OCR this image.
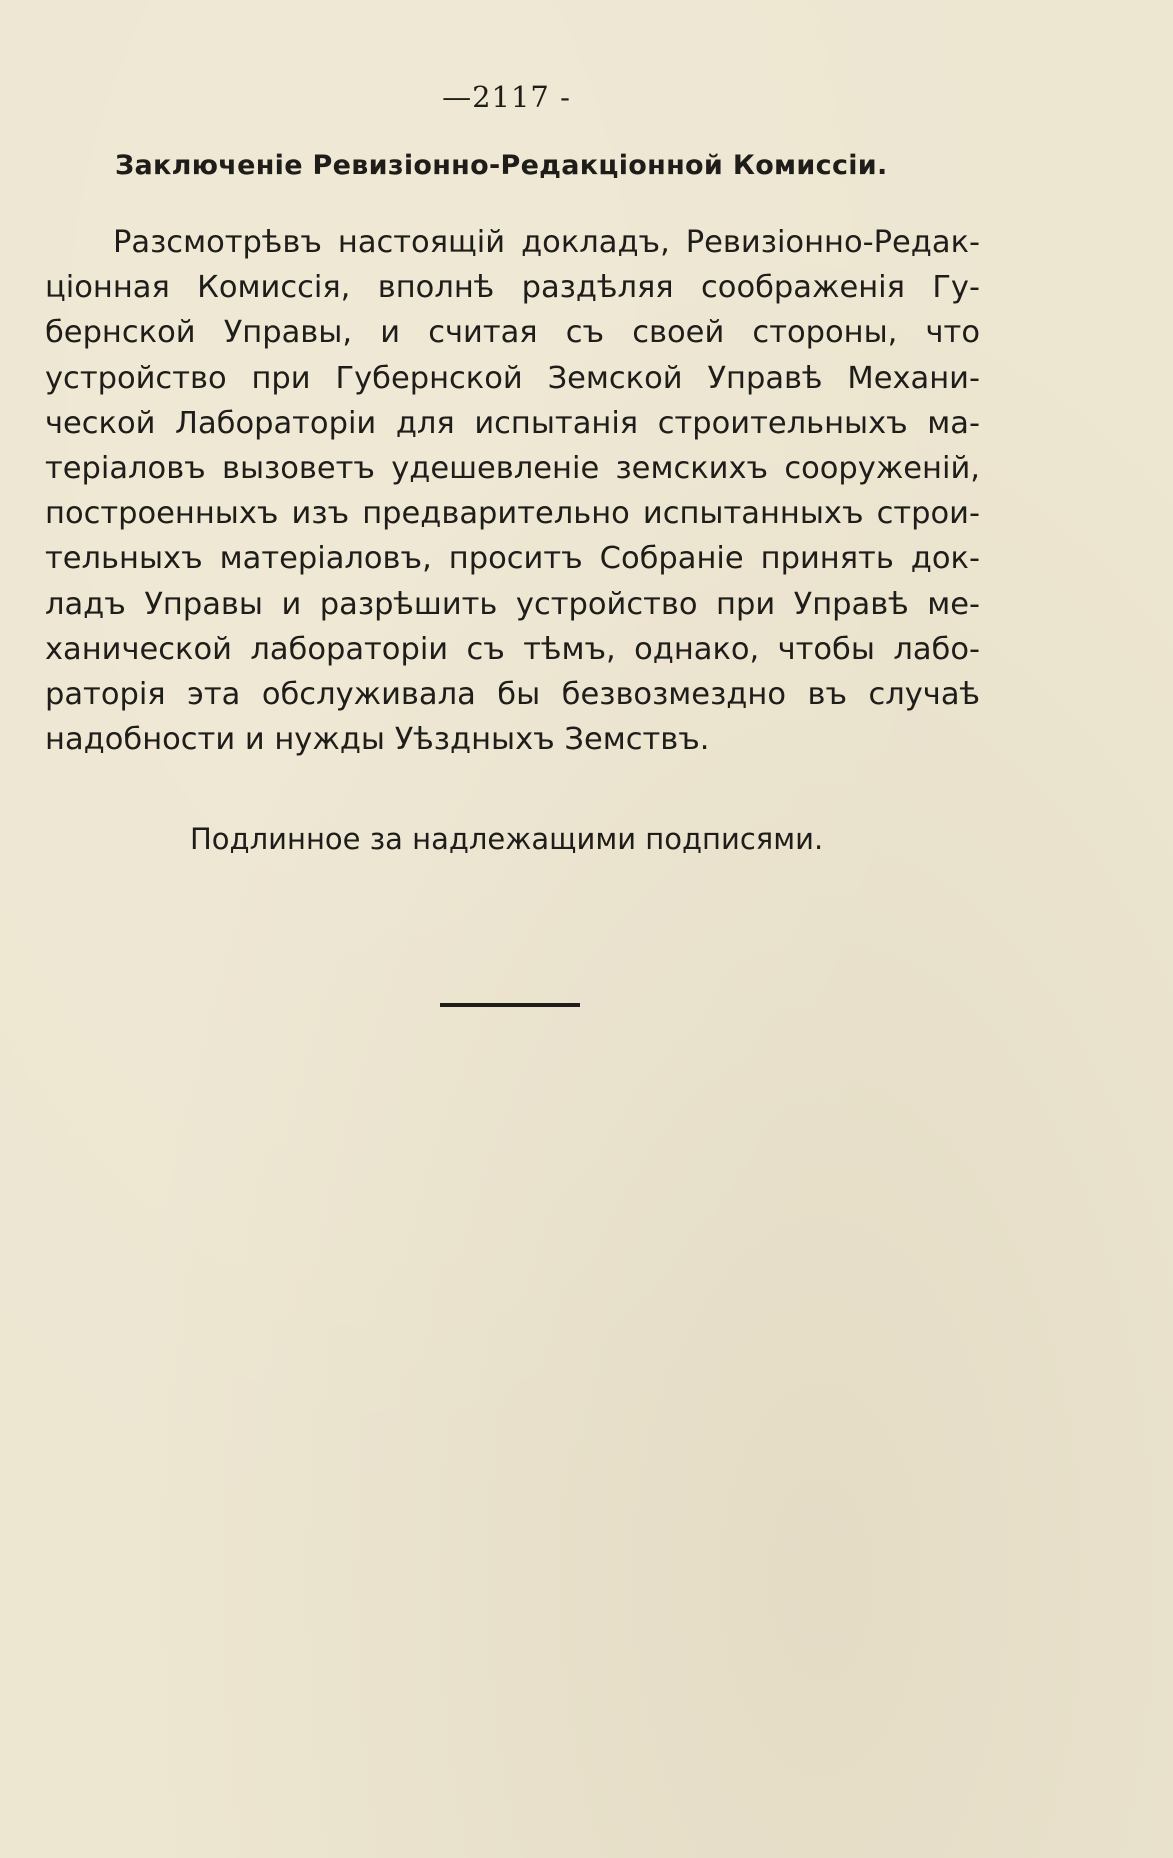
—2117 -
Заключеніе Ревизіонно-Редакціонной Комиссіи.
Разсмотрѣвъ настоящій докладъ, Ревизіонно-Редак-
ціонная Комиссія, вполнѣ раздѣляя соображенія Гу-
бернской Управы, и считая съ своей стороны, что
устройство при Губернской Земской Управѣ Механи-
ческой Лабораторіи для испытанія строительныхъ ма-
теріаловъ вызоветъ удешевленіе земскихъ сооруженій,
построенныхъ изъ предварительно испытанныхъ строи-
тельныхъ матеріаловъ, проситъ Собраніе принять док-
ладъ Управы и разрѣшить устройство при Управѣ ме-
ханической лабораторіи съ тѣмъ, однако, чтобы лабо-
раторія эта обслуживала бы безвозмездно въ случаѣ
надобности и нужды Уѣздныхъ Земствъ.
Подлинное за надлежащими подписями.
